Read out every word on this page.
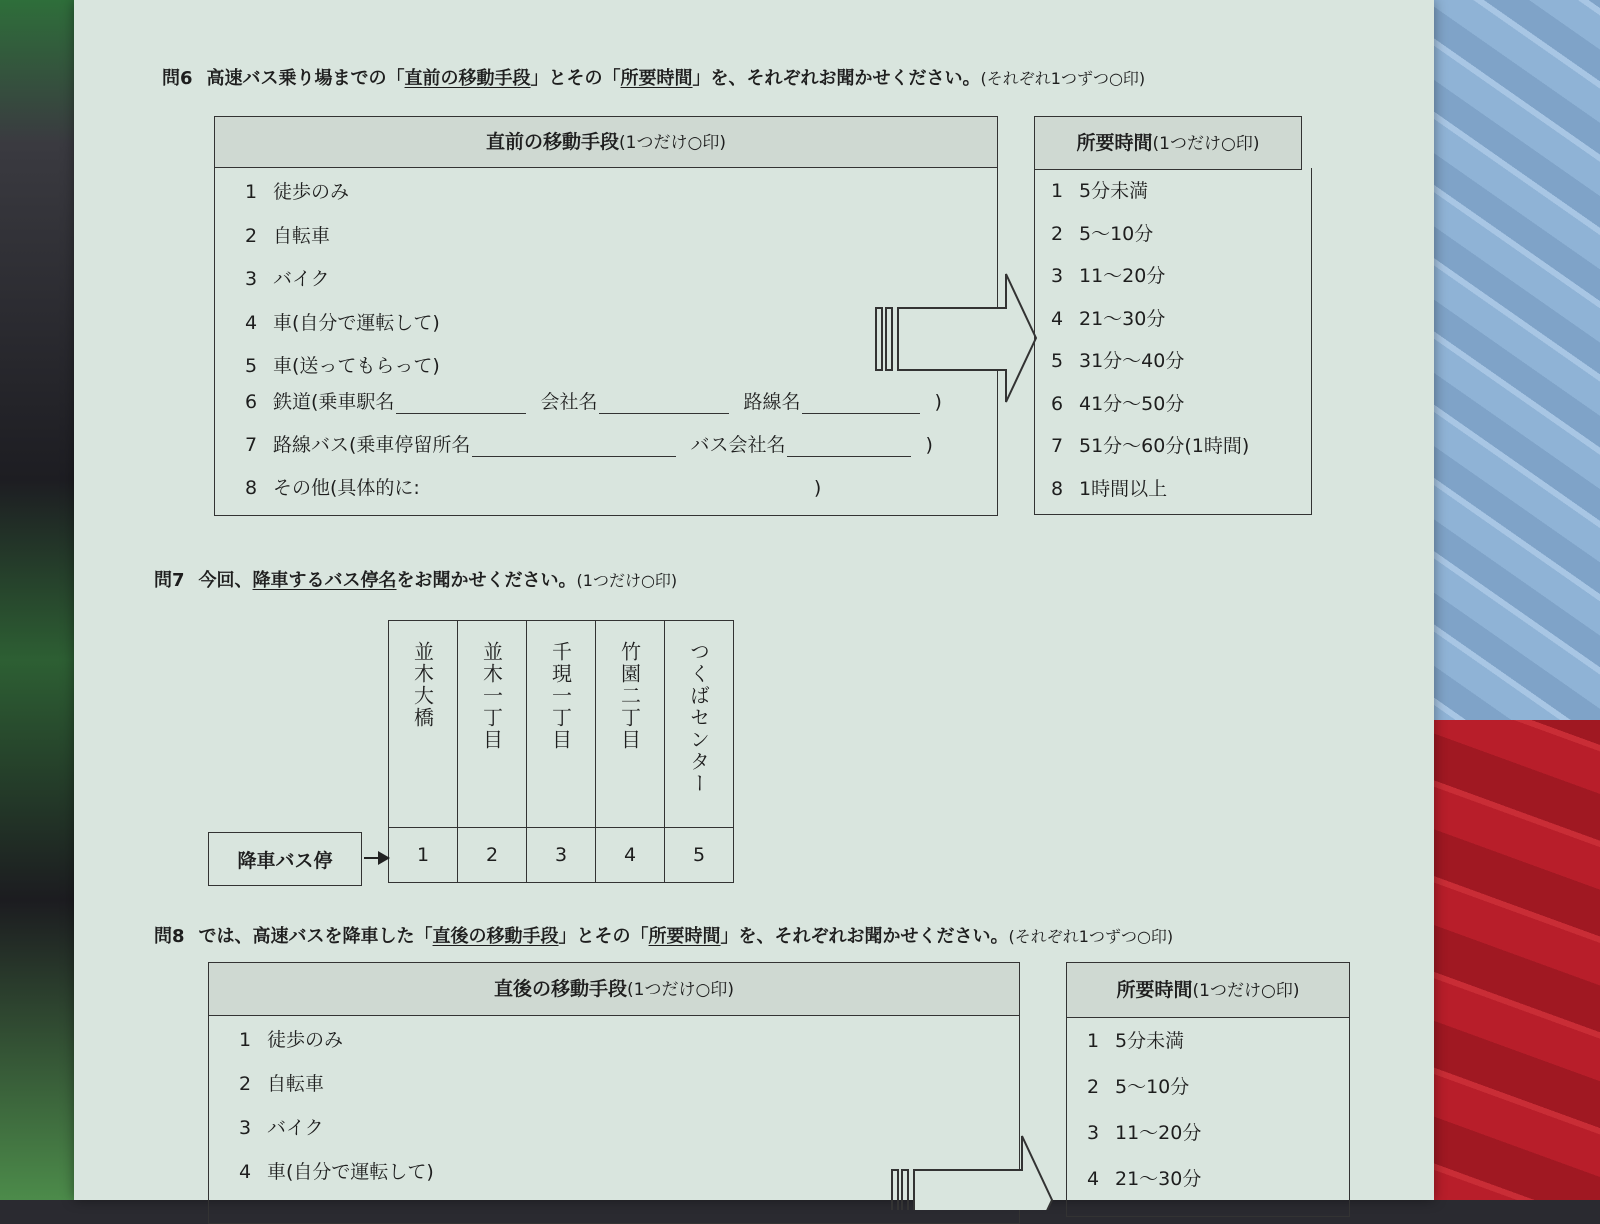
問6 高速バス乗り場までの「直前の移動手段」とその「所要時間」を、それぞれお聞かせください。(それぞれ1つずつ○印)
直前の移動手段(1つだけ○印)
1 徒歩のみ
2 自転車
3 バイク
4 車(自分で運転して)
5 車(送ってもらって)
6 鉄道(乗車駅名	会社名	路線名	)
7 路線バス(乗車停留所名	バス会社名	)
8 その他(具体的に:	)
所要時間(1つだけ○印)
1 5分未満
2 5～10分
3 11～20分
4 21～30分
5 31分～40分
6 41分～50分
7 51分～60分(1時間)
8 1時間以上
問7 今回、降車するバス停名をお聞かせください。(1つだけ○印)
並木大橋	並木一丁目	千現一丁目	竹園二丁目	つくばセンター

1	2	3	4	5
降車バス停
問8 では、高速バスを降車した「直後の移動手段」とその「所要時間」を、それぞれお聞かせください。(それぞれ1つずつ○印)
直後の移動手段(1つだけ○印)
1 徒歩のみ
2 自転車
3 バイク
4 車(自分で運転して)
所要時間(1つだけ○印)
1 5分未満
2 5～10分
3 11～20分
4 21～30分
